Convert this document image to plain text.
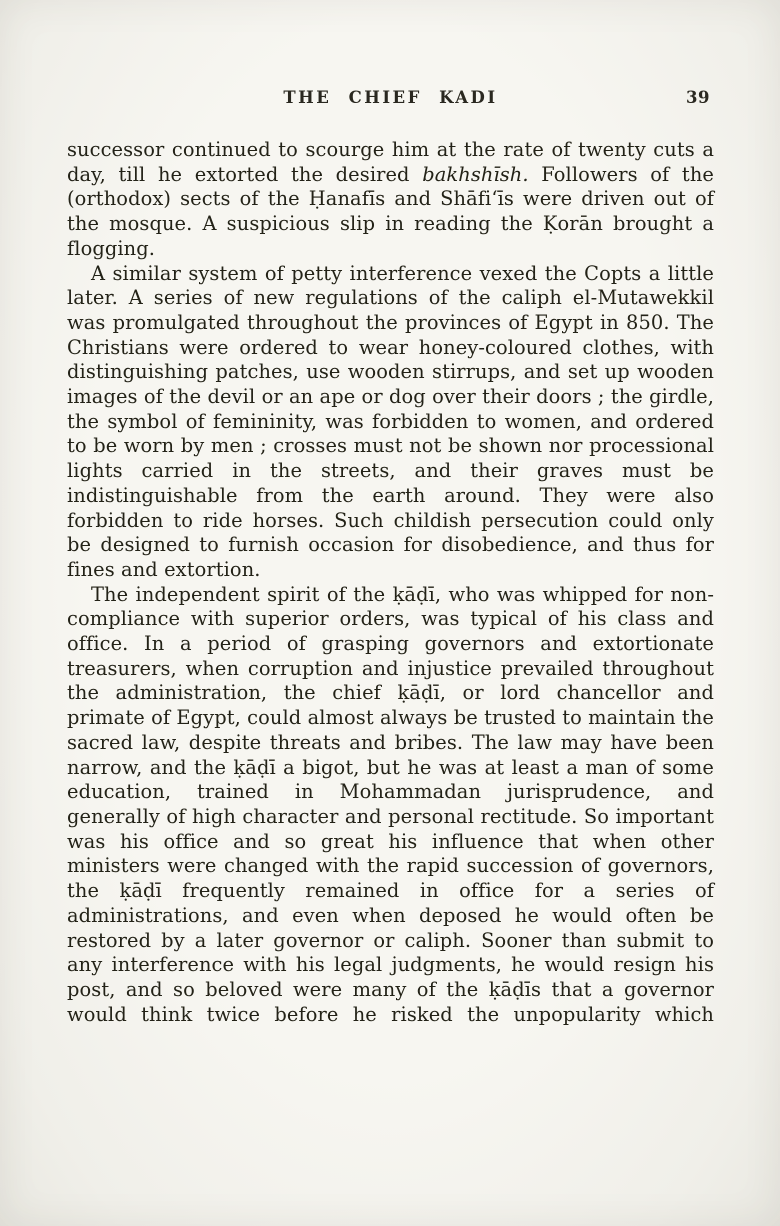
THE CHIEF KADI	39

successor continued to scourge him at the rate of twenty cuts a day, till he extorted the desired bakhshīsh. Followers of the (orthodox) sects of the Ḥanafīs and Shāfi‘īs were driven out of the mosque. A suspicious slip in reading the Ḳorān brought a flogging.

A similar system of petty interference vexed the Copts a little later. A series of new regulations of the caliph el-Mutawekkil was promulgated throughout the provinces of Egypt in 850. The Christians were ordered to wear honey-coloured clothes, with distinguishing patches, use wooden stirrups, and set up wooden images of the devil or an ape or dog over their doors ; the girdle, the symbol of femininity, was forbidden to women, and ordered to be worn by men ; crosses must not be shown nor processional lights carried in the streets, and their graves must be indistinguishable from the earth around. They were also forbidden to ride horses. Such childish persecution could only be designed to furnish occasion for disobedience, and thus for fines and extortion.

The independent spirit of the ḳāḍī, who was whipped for non-compliance with superior orders, was typical of his class and office. In a period of grasping governors and extortionate treasurers, when corruption and injustice prevailed throughout the administration, the chief ḳāḍī, or lord chancellor and primate of Egypt, could almost always be trusted to maintain the sacred law, despite threats and bribes. The law may have been narrow, and the ḳāḍī a bigot, but he was at least a man of some education, trained in Mohammadan jurisprudence, and generally of high character and personal rectitude. So important was his office and so great his influence that when other ministers were changed with the rapid succession of governors, the ḳāḍī frequently remained in office for a series of administrations, and even when deposed he would often be restored by a later governor or caliph. Sooner than submit to any interference with his legal judgments, he would resign his post, and so beloved were many of the ḳāḍīs that a governor would think twice before he risked the unpopularity which
